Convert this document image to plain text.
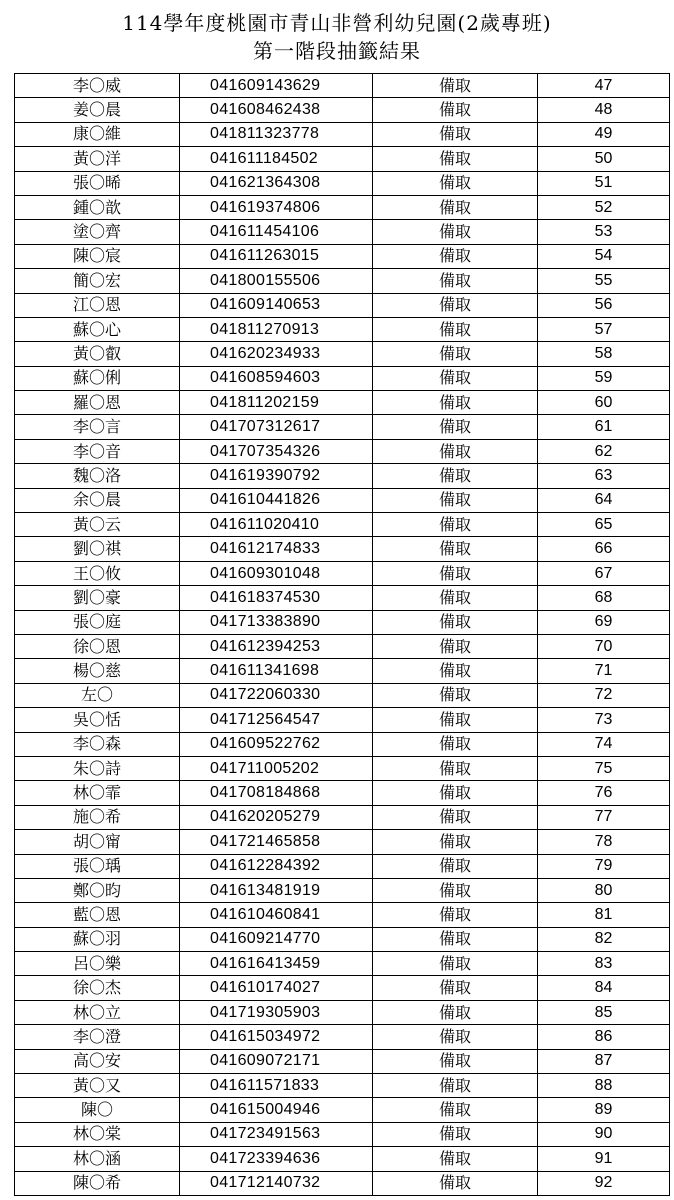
114學年度桃園市青山非營利幼兒園(2歲專班)
第一階段抽籤結果
李〇威	041609143629	備取	47
姜〇晨	041608462438	備取	48
康〇維	041811323778	備取	49
黃〇洋	041611184502	備取	50
張〇晞	041621364308	備取	51
鍾〇歆	041619374806	備取	52
塗〇齊	041611454106	備取	53
陳〇宸	041611263015	備取	54
簡〇宏	041800155506	備取	55
江〇恩	041609140653	備取	56
蘇〇心	041811270913	備取	57
黃〇叡	041620234933	備取	58
蘇〇俐	041608594603	備取	59
羅〇恩	041811202159	備取	60
李〇言	041707312617	備取	61
李〇音	041707354326	備取	62
魏〇洛	041619390792	備取	63
余〇晨	041610441826	備取	64
黃〇云	041611020410	備取	65
劉〇祺	041612174833	備取	66
王〇攸	041609301048	備取	67
劉〇豪	041618374530	備取	68
張〇庭	041713383890	備取	69
徐〇恩	041612394253	備取	70
楊〇慈	041611341698	備取	71
左〇	041722060330	備取	72
吳〇恬	041712564547	備取	73
李〇森	041609522762	備取	74
朱〇詩	041711005202	備取	75
林〇霏	041708184868	備取	76
施〇希	041620205279	備取	77
胡〇甯	041721465858	備取	78
張〇瑀	041612284392	備取	79
鄭〇昀	041613481919	備取	80
藍〇恩	041610460841	備取	81
蘇〇羽	041609214770	備取	82
呂〇樂	041616413459	備取	83
徐〇杰	041610174027	備取	84
林〇立	041719305903	備取	85
李〇澄	041615034972	備取	86
高〇安	041609072171	備取	87
黃〇又	041611571833	備取	88
陳〇	041615004946	備取	89
林〇棠	041723491563	備取	90
林〇涵	041723394636	備取	91
陳〇希	041712140732	備取	92
